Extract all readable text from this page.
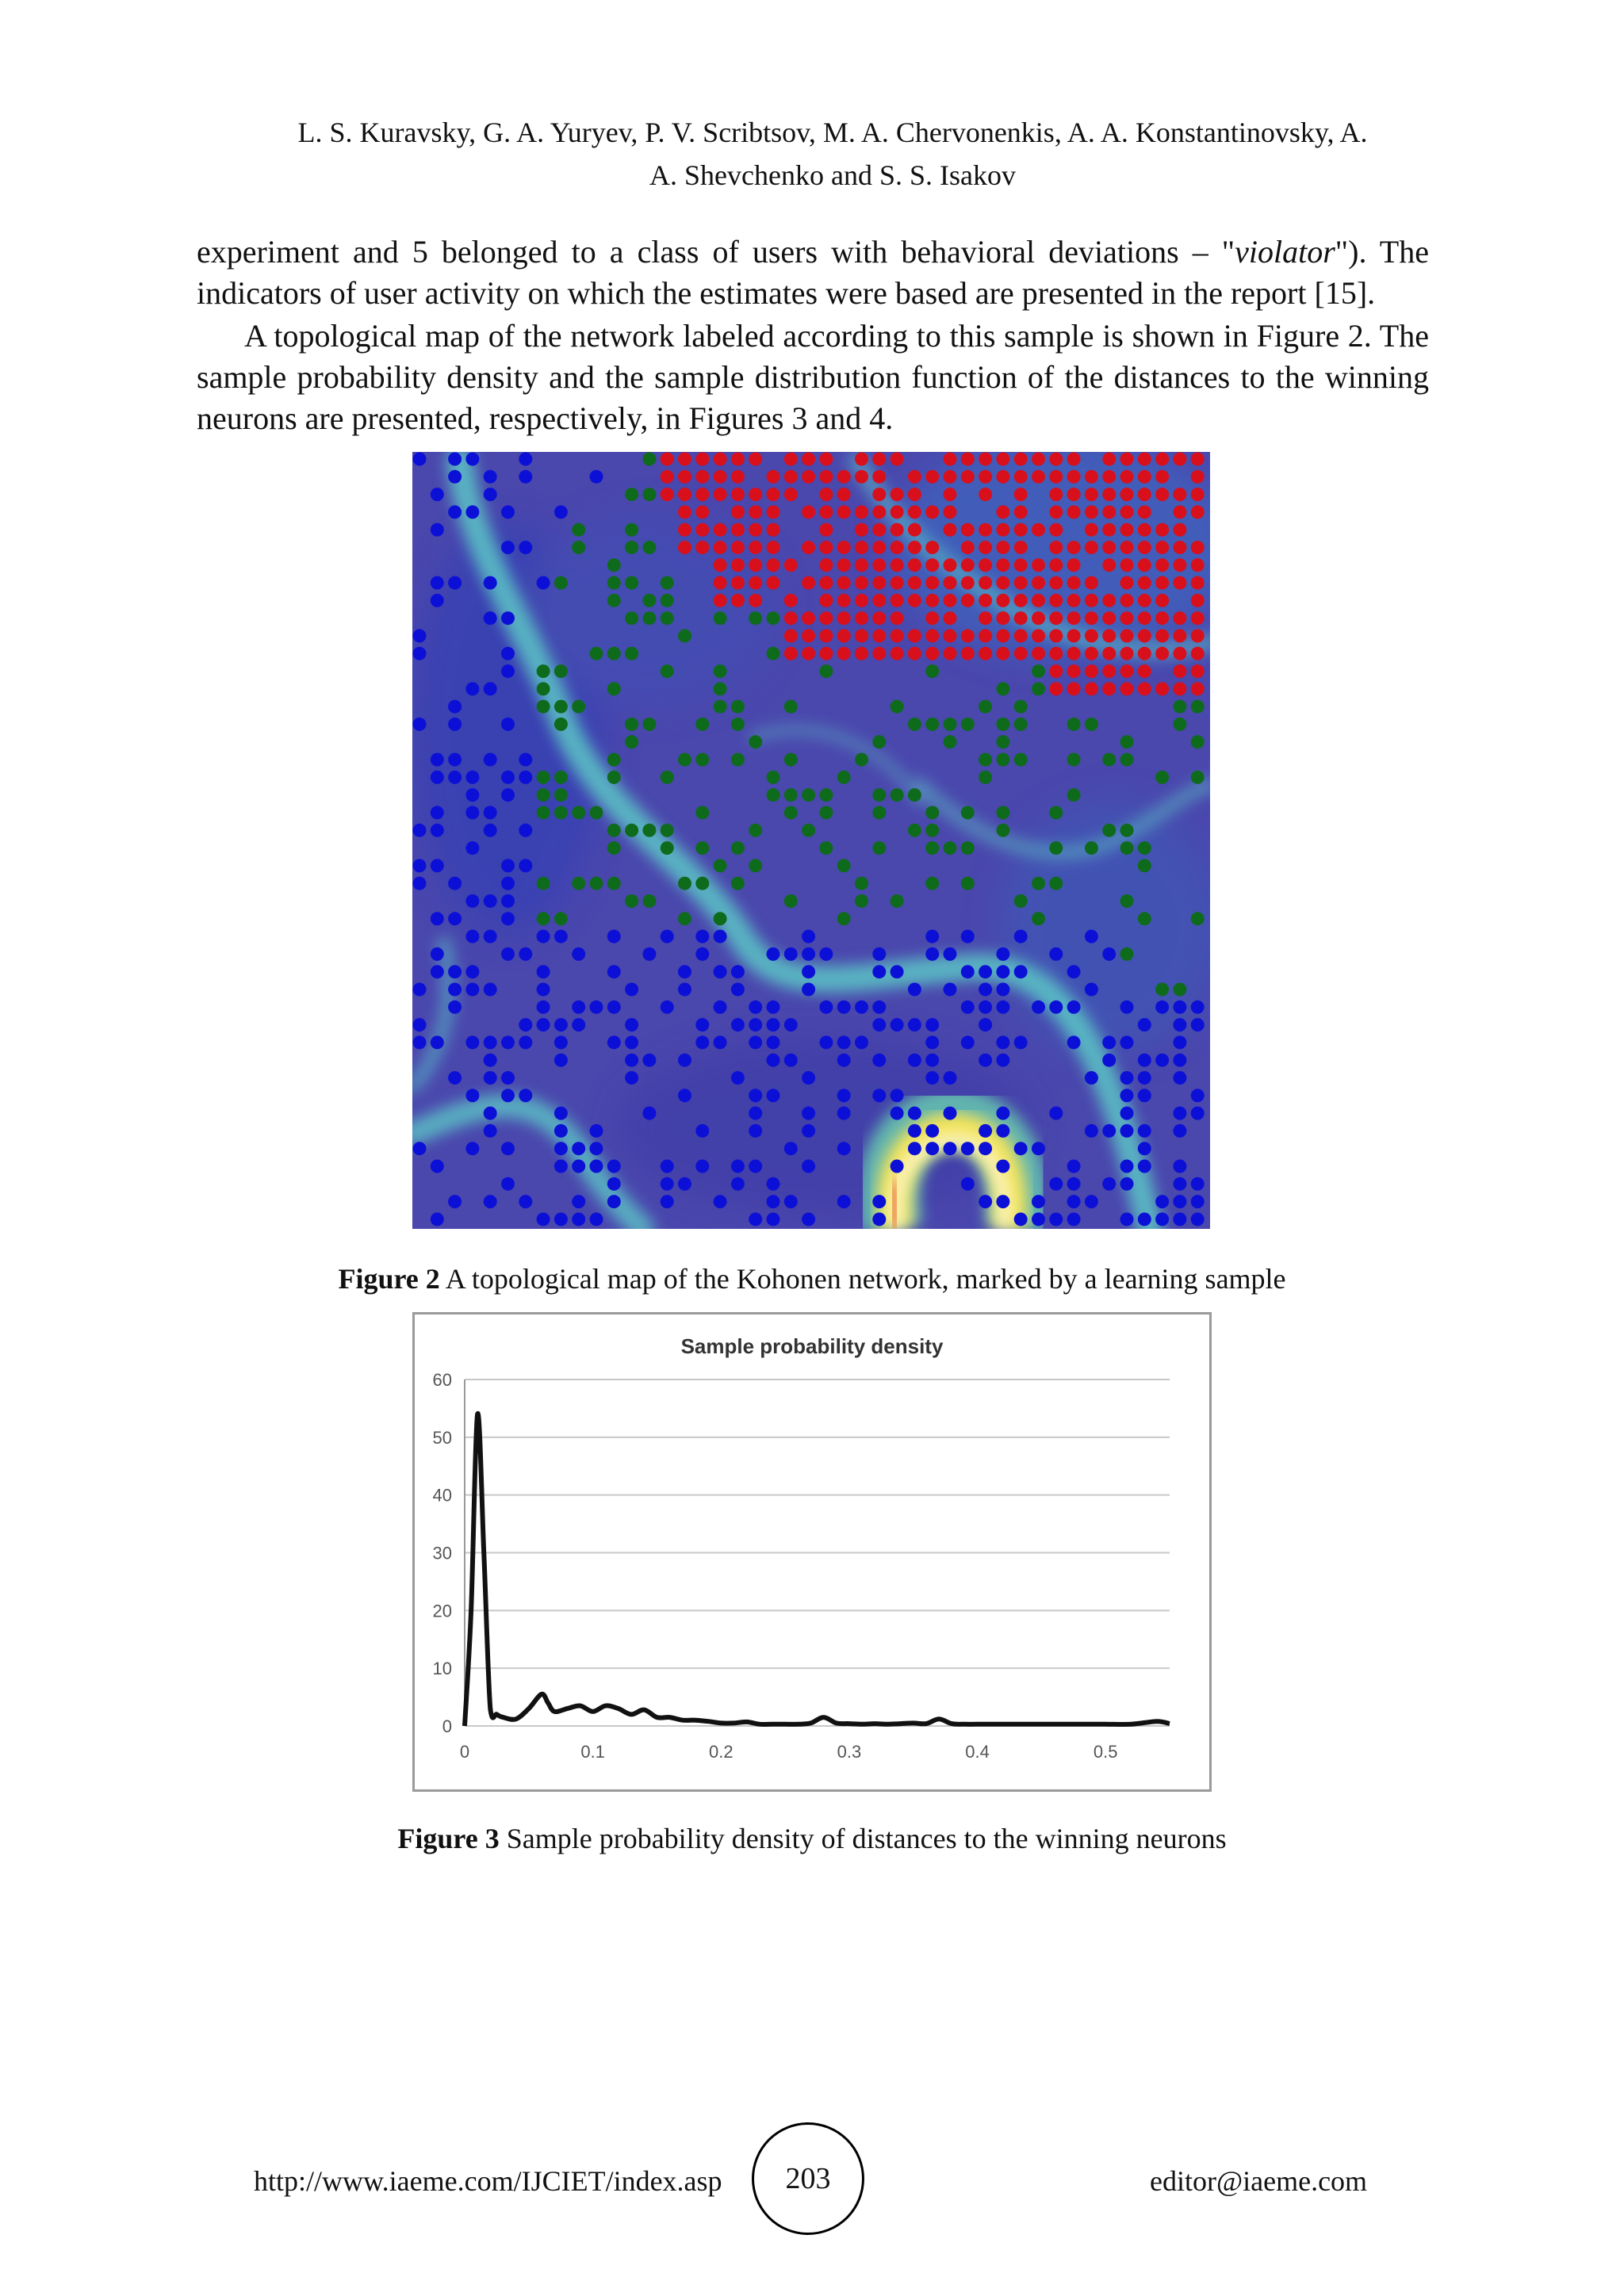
L. S. Kuravsky, G. A. Yuryev, P. V. Scribtsov, M. A. Chervonenkis, A. A. Konstantinovsky, A.
A. Shevchenko and S. S. Isakov

experiment and 5 belonged to a class of users with behavioral deviations – "violator"). The indicators of user activity on which the estimates were based are presented in the report [15].

A topological map of the network labeled according to this sample is shown in Figure 2. The sample probability density and the sample distribution function of the distances to the winning neurons are presented, respectively, in Figures 3 and 4.

Figure 2 A topological map of the Kohonen network, marked by a learning sample
Sample probability density
0
10
20
30
40
50
60
0	0.1	0.2	0.3	0.4	0.5
Figure 3 Sample probability density of distances to the winning neurons
http://www.iaeme.com/IJCIET/index.asp 203	editor@iaeme.com
